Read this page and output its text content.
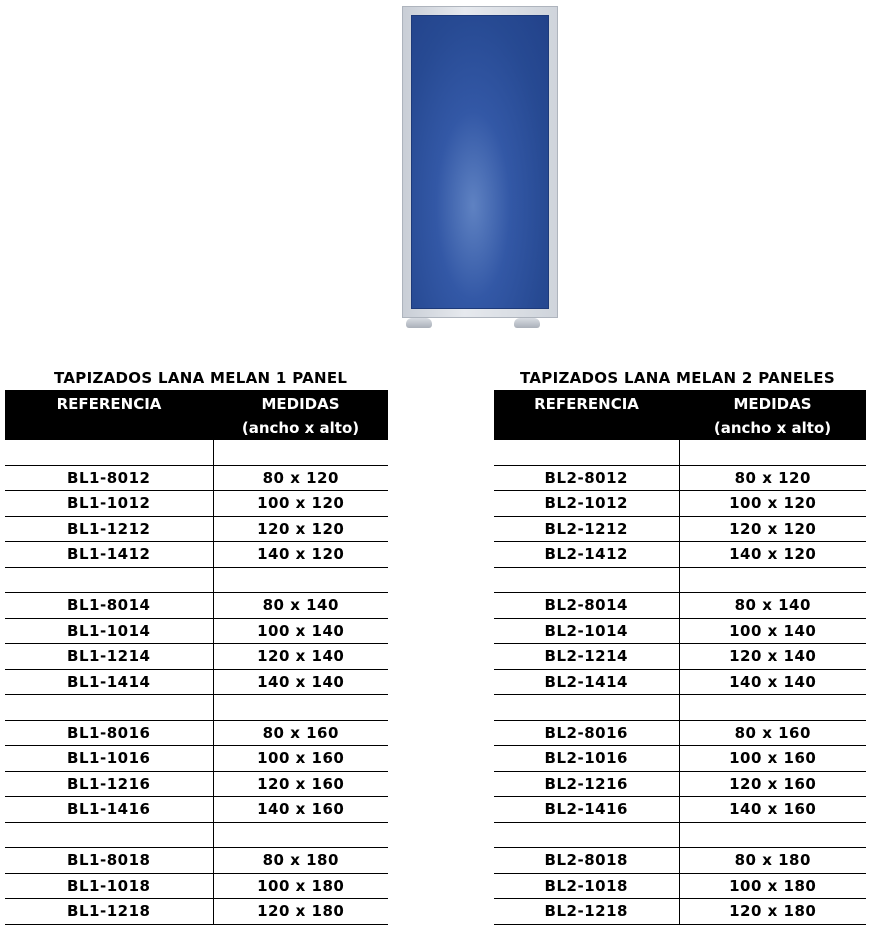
TAPIZADOS LANA MELAN 1 PANEL
REFERENCIA	MEDIDAS
(ancho x alto)

BL1-8012	80 x 120
BL1-1012	100 x 120
BL1-1212	120 x 120
BL1-1412	140 x 120

BL1-8014	80 x 140
BL1-1014	100 x 140
BL1-1214	120 x 140
BL1-1414	140 x 140

BL1-8016	80 x 160
BL1-1016	100 x 160
BL1-1216	120 x 160
BL1-1416	140 x 160

BL1-8018	80 x 180
BL1-1018	100 x 180
BL1-1218	120 x 180
TAPIZADOS LANA MELAN 2 PANELES
REFERENCIA	MEDIDAS
(ancho x alto)

BL2-8012	80 x 120
BL2-1012	100 x 120
BL2-1212	120 x 120
BL2-1412	140 x 120

BL2-8014	80 x 140
BL2-1014	100 x 140
BL2-1214	120 x 140
BL2-1414	140 x 140

BL2-8016	80 x 160
BL2-1016	100 x 160
BL2-1216	120 x 160
BL2-1416	140 x 160

BL2-8018	80 x 180
BL2-1018	100 x 180
BL2-1218	120 x 180
